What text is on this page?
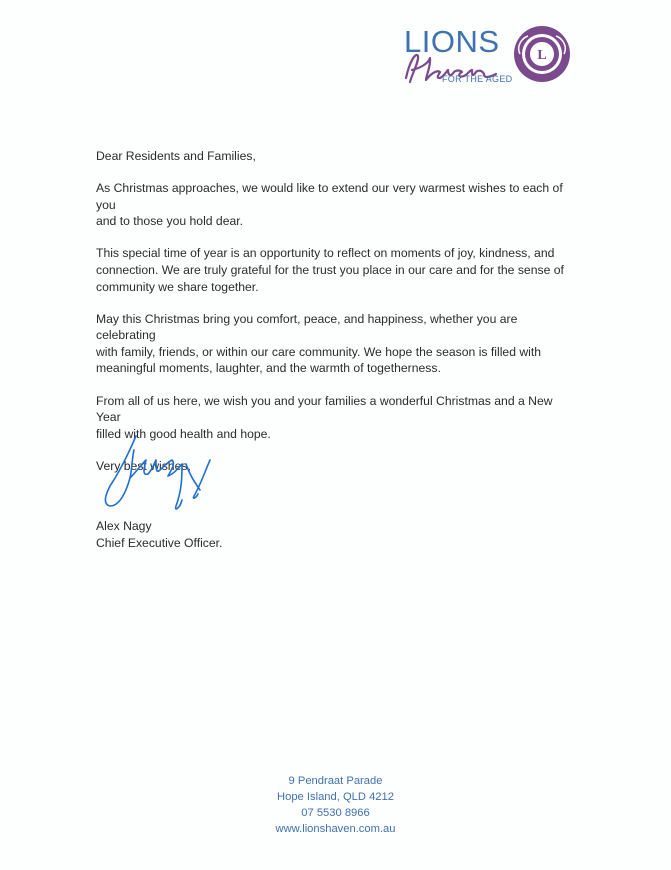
LIONS
FOR THE AGED
L

Dear Residents and Families,

As Christmas approaches, we would like to extend our very warmest wishes to each of you
and to those you hold dear.

This special time of year is an opportunity to reflect on moments of joy, kindness, and
connection. We are truly grateful for the trust you place in our care and for the sense of
community we share together.

May this Christmas bring you comfort, peace, and happiness, whether you are celebrating
with family, friends, or within our care community. We hope the season is filled with
meaningful moments, laughter, and the warmth of togetherness.

From all of us here, we wish you and your families a wonderful Christmas and a New Year
filled with good health and hope.

Very best wishes,

Alex Nagy
Chief Executive Officer.
9 Pendraat Parade
Hope Island, QLD 4212
07 5530 8966
www.lionshaven.com.au
